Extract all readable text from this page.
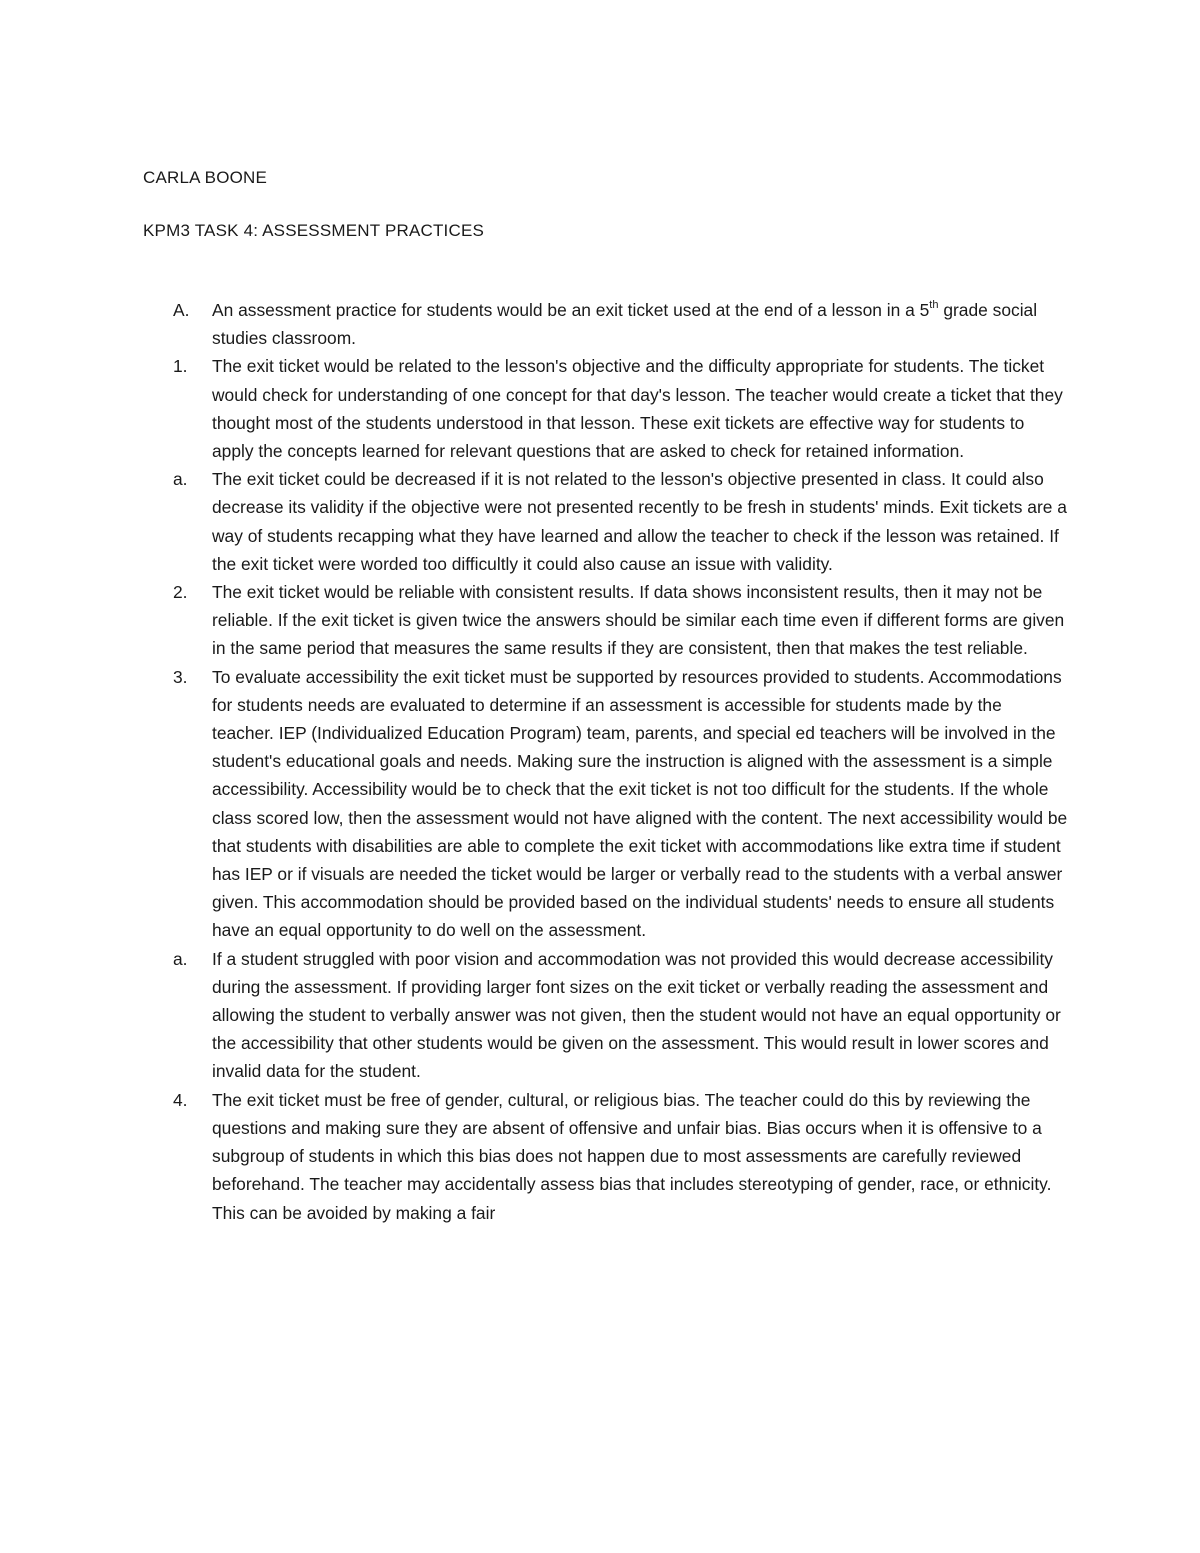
CARLA BOONE
KPM3 TASK 4: ASSESSMENT PRACTICES
A. An assessment practice for students would be an exit ticket used at the end of a lesson in a 5th grade social studies classroom.
1. The exit ticket would be related to the lesson's objective and the difficulty appropriate for students. The ticket would check for understanding of one concept for that day's lesson. The teacher would create a ticket that they thought most of the students understood in that lesson. These exit tickets are effective way for students to apply the concepts learned for relevant questions that are asked to check for retained information.
a. The exit ticket could be decreased if it is not related to the lesson's objective presented in class. It could also decrease its validity if the objective were not presented recently to be fresh in students' minds. Exit tickets are a way of students recapping what they have learned and allow the teacher to check if the lesson was retained. If the exit ticket were worded too difficultly it could also cause an issue with validity.
2. The exit ticket would be reliable with consistent results. If data shows inconsistent results, then it may not be reliable. If the exit ticket is given twice the answers should be similar each time even if different forms are given in the same period that measures the same results if they are consistent, then that makes the test reliable.
3. To evaluate accessibility the exit ticket must be supported by resources provided to students. Accommodations for students needs are evaluated to determine if an assessment is accessible for students made by the teacher. IEP (Individualized Education Program) team, parents, and special ed teachers will be involved in the student's educational goals and needs. Making sure the instruction is aligned with the assessment is a simple accessibility. Accessibility would be to check that the exit ticket is not too difficult for the students. If the whole class scored low, then the assessment would not have aligned with the content. The next accessibility would be that students with disabilities are able to complete the exit ticket with accommodations like extra time if student has IEP or if visuals are needed the ticket would be larger or verbally read to the students with a verbal answer given. This accommodation should be provided based on the individual students' needs to ensure all students have an equal opportunity to do well on the assessment.
a. If a student struggled with poor vision and accommodation was not provided this would decrease accessibility during the assessment. If providing larger font sizes on the exit ticket or verbally reading the assessment and allowing the student to verbally answer was not given, then the student would not have an equal opportunity or the accessibility that other students would be given on the assessment. This would result in lower scores and invalid data for the student.
4. The exit ticket must be free of gender, cultural, or religious bias. The teacher could do this by reviewing the questions and making sure they are absent of offensive and unfair bias. Bias occurs when it is offensive to a subgroup of students in which this bias does not happen due to most assessments are carefully reviewed beforehand. The teacher may accidentally assess bias that includes stereotyping of gender, race, or ethnicity. This can be avoided by making a fair
